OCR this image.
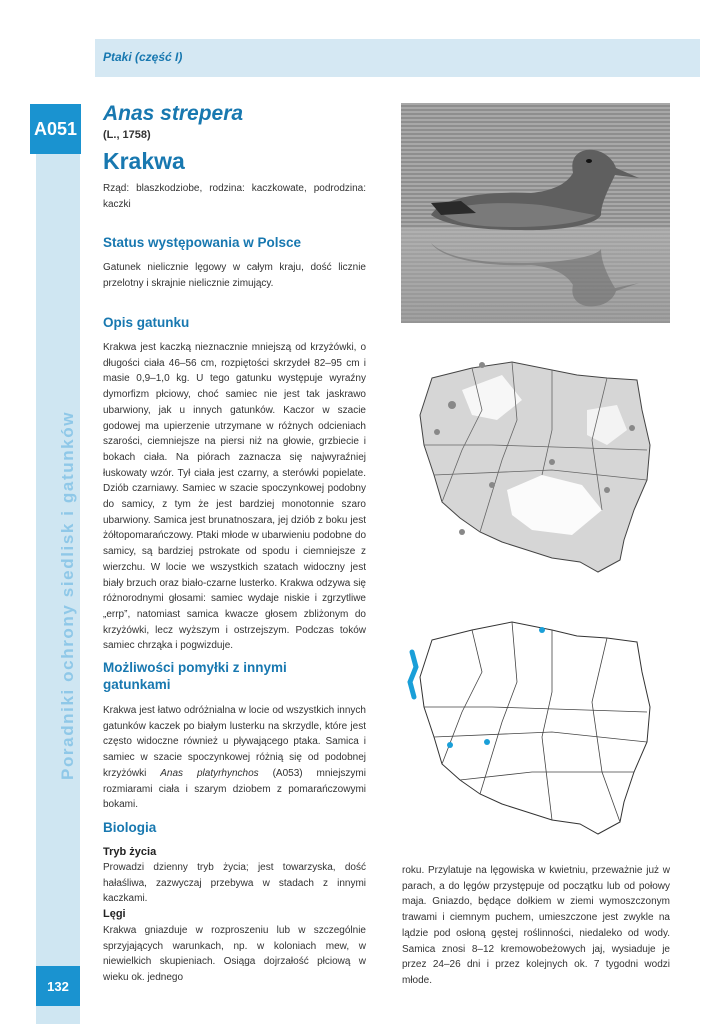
Ptaki (część I)
A051
Poradniki ochrony siedlisk i gatunków
132
Anas strepera
(L., 1758)
Krakwa
Rząd: blaszkodziobe, rodzina: kaczkowate, podrodzina: kaczki
Status występowania w Polsce
Gatunek nielicznie lęgowy w całym kraju, dość licznie przelotny i skrajnie nielicznie zimujący.
Opis gatunku
Krakwa jest kaczką nieznacznie mniejszą od krzyżówki, o długości ciała 46–56 cm, rozpiętości skrzydeł 82–95 cm i masie 0,9–1,0 kg. U tego gatunku występuje wyraźny dymorfizm płciowy, choć samiec nie jest tak jaskrawo ubarwiony, jak u innych gatunków. Kaczor w szacie godowej ma upierzenie utrzymane w różnych odcieniach szarości, ciemniejsze na piersi niż na głowie, grzbiecie i bokach ciała. Na piórach zaznacza się najwyraźniej łuskowaty wzór. Tył ciała jest czarny, a sterówki popielate. Dziób czarniawy. Samiec w szacie spoczynkowej podobny do samicy, z tym że jest bardziej monotonnie szaro ubarwiony. Samica jest brunatnoszara, jej dziób z boku jest żółtopomarańczowy. Ptaki młode w ubarwieniu podobne do samicy, są bardziej pstrokate od spodu i ciemniejsze z wierzchu. W locie we wszystkich szatach widoczny jest biały brzuch oraz biało-czarne lusterko. Krakwa odzywa się różnorodnymi głosami: samiec wydaje niskie i zgrzytliwe „errp”, natomiast samica kwacze głosem zbliżonym do krzyżówki, lecz wyższym i ostrzejszym. Podczas toków samiec chrząka i pogwizduje.
Możliwości pomyłki z innymi gatunkami
Krakwa jest łatwo odróżnialna w locie od wszystkich innych gatunków kaczek po białym lusterku na skrzydle, które jest często widoczne również u pływającego ptaka. Samica i samiec w szacie spoczynkowej różnią się od podobnej krzyżówki Anas platyrhynchos (A053) mniejszymi rozmiarami ciała i szarym dziobem z pomarańczowymi bokami.
Biologia
Tryb życia
Prowadzi dzienny tryb życia; jest towarzyska, dość hałaśliwa, zazwyczaj przebywa w stadach z innymi kaczkami.
Lęgi
Krakwa gniazduje w rozproszeniu lub w szczególnie sprzyjających warunkach, np. w koloniach mew, w niewielkich skupieniach. Osiąga dojrzałość płciową w wieku ok. jednego
roku. Przylatuje na lęgowiska w kwietniu, przeważnie już w parach, a do lęgów przystępuje od początku lub od połowy maja. Gniazdo, będące dołkiem w ziemi wymoszczonym trawami i ciemnym puchem, umieszczone jest zwykle na lądzie pod osłoną gęstej roślinności, niedaleko od wody. Samica znosi 8–12 kremowobeżowych jaj, wysiaduje je przez 24–26 dni i przez kolejnych ok. 7 tygodni wodzi młode.
